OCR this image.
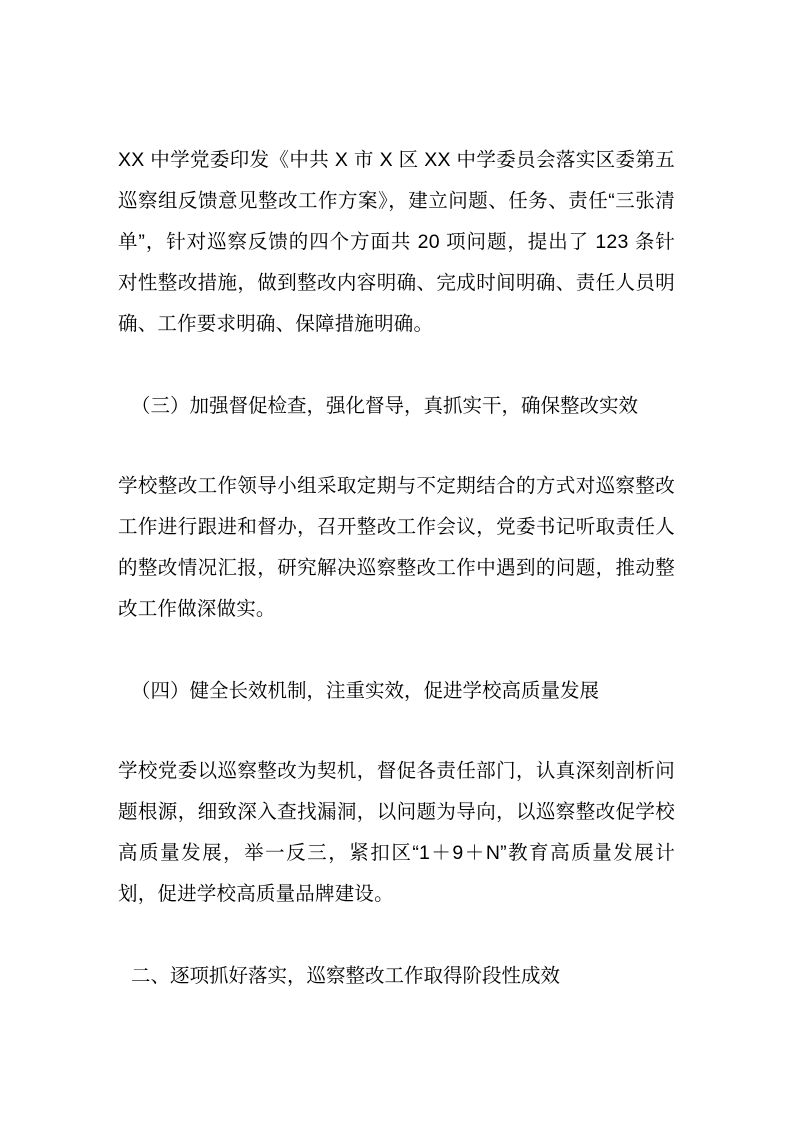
XX 中学党委印发《中共 X 市 X 区 XX 中学委员会落实区委第五巡察组反馈意见整改工作方案》，建立问题、任务、责任“三张清单”，针对巡察反馈的四个方面共 20 项问题，提出了 123 条针对性整改措施，做到整改内容明确、完成时间明确、责任人员明确、工作要求明确、保障措施明确。

（三）加强督促检查，强化督导，真抓实干，确保整改实效

学校整改工作领导小组采取定期与不定期结合的方式对巡察整改工作进行跟进和督办，召开整改工作会议，党委书记听取责任人的整改情况汇报，研究解决巡察整改工作中遇到的问题，推动整改工作做深做实。

（四）健全长效机制，注重实效，促进学校高质量发展

学校党委以巡察整改为契机，督促各责任部门，认真深刻剖析问题根源，细致深入查找漏洞，以问题为导向，以巡察整改促学校高质量发展，举一反三，紧扣区“1＋9＋N”教育高质量发展计划，促进学校高质量品牌建设。

二、逐项抓好落实，巡察整改工作取得阶段性成效
